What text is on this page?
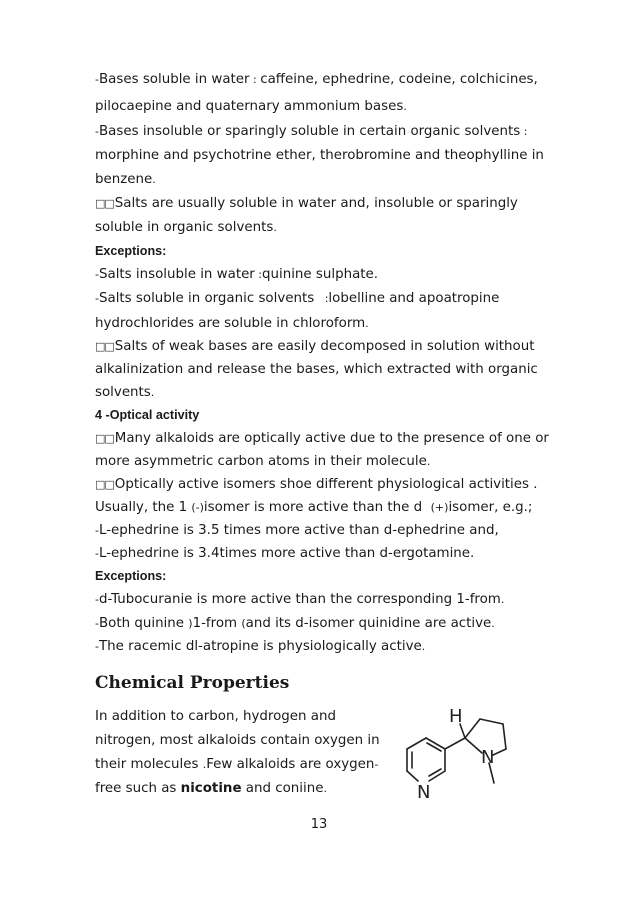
-Bases soluble in water : caffeine, ephedrine, codeine, colchicines,
pilocaepine and quaternary ammonium bases.
-Bases insoluble or sparingly soluble in certain organic solvents :
morphine and psychotrine ether, therobromine and theophylline in
benzene.
□□Salts are usually soluble in water and, insoluble or sparingly
soluble in organic solvents.
Exceptions:
-Salts insoluble in water :quinine sulphate.
-Salts soluble in organic solvents   :lobelline and apoatropine
hydrochlorides are soluble in chloroform.
□□Salts of weak bases are easily decomposed in solution without
alkalinization and release the bases, which extracted with organic
solvents.
4 -Optical activity
□□Many alkaloids are optically active due to the presence of one or
more asymmetric carbon atoms in their molecule.
□□Optically active isomers shoe different physiological activities .
Usually, the 1 (-)isomer is more active than the d  (+)isomer, e.g.;
-L-ephedrine is 3.5 times more active than d-ephedrine and,
-L-ephedrine is 3.4times more active than d-ergotamine.
Exceptions:
-d-Tubocuranie is more active than the corresponding 1-from.
-Both quinine )1-from (and its d-isomer quinidine are active.
-The racemic dl-atropine is physiologically active.
Chemical Properties
In addition to carbon, hydrogen and
nitrogen, most alkaloids contain oxygen in
their molecules .Few alkaloids are oxygen-
free such as nicotine and coniine.
H
N
N
13
